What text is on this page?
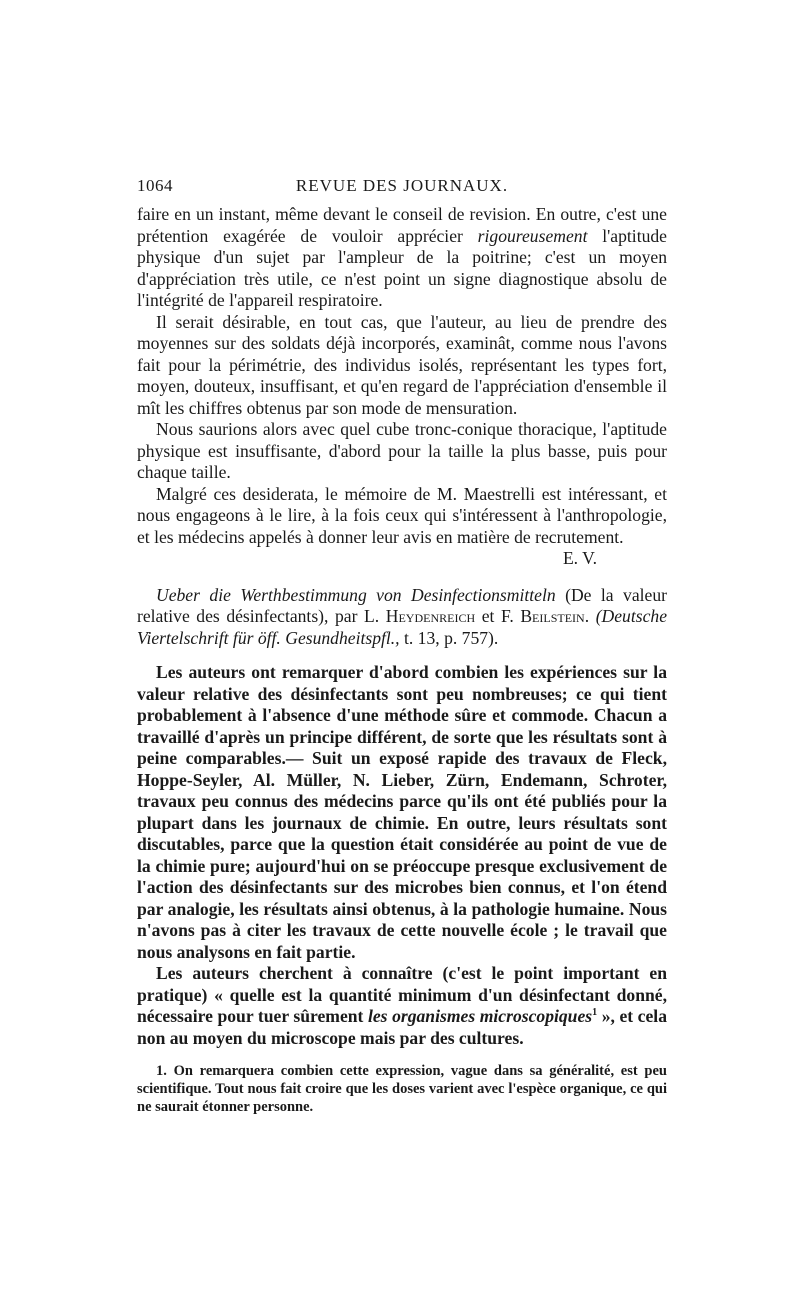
1064	REVUE DES JOURNAUX.

faire en un instant, même devant le conseil de revision. En outre, c'est une prétention exagérée de vouloir apprécier rigoureusement l'aptitude physique d'un sujet par l'ampleur de la poitrine; c'est un moyen d'appréciation très utile, ce n'est point un signe diagnostique absolu de l'intégrité de l'appareil respiratoire.

Il serait désirable, en tout cas, que l'auteur, au lieu de prendre des moyennes sur des soldats déjà incorporés, examinât, comme nous l'avons fait pour la périmétrie, des individus isolés, représentant les types fort, moyen, douteux, insuffisant, et qu'en regard de l'appréciation d'ensemble il mît les chiffres obtenus par son mode de mensuration.

Nous saurions alors avec quel cube tronc-conique thoracique, l'aptitude physique est insuffisante, d'abord pour la taille la plus basse, puis pour chaque taille.

Malgré ces desiderata, le mémoire de M. Maestrelli est intéressant, et nous engageons à le lire, à la fois ceux qui s'intéressent à l'anthropologie, et les médecins appelés à donner leur avis en matière de recrutement.

E. V.

Ueber die Werthbestimmung von Desinfectionsmitteln (De la valeur relative des désinfectants), par L. Heydenreich et F. Beilstein. (Deutsche Viertelschrift für öff. Gesundheitspfl., t. 13, p. 757).

Les auteurs ont remarquer d'abord combien les expériences sur la valeur relative des désinfectants sont peu nombreuses; ce qui tient probablement à l'absence d'une méthode sûre et commode. Chacun a travaillé d'après un principe différent, de sorte que les résultats sont à peine comparables.— Suit un exposé rapide des travaux de Fleck, Hoppe-Seyler, Al. Müller, N. Lieber, Zürn, Endemann, Schroter, travaux peu connus des médecins parce qu'ils ont été publiés pour la plupart dans les journaux de chimie. En outre, leurs résultats sont discutables, parce que la question était considérée au point de vue de la chimie pure; aujourd'hui on se préoccupe presque exclusivement de l'action des désinfectants sur des microbes bien connus, et l'on étend par analogie, les résultats ainsi obtenus, à la pathologie humaine. Nous n'avons pas à citer les travaux de cette nouvelle école ; le travail que nous analysons en fait partie.

Les auteurs cherchent à connaître (c'est le point important en pratique) « quelle est la quantité minimum d'un désinfectant donné, nécessaire pour tuer sûrement les organismes microscopiques$^1$ », et cela non au moyen du microscope mais par des cultures.

1. On remarquera combien cette expression, vague dans sa généralité, est peu scientifique. Tout nous fait croire que les doses varient avec l'espèce organique, ce qui ne saurait étonner personne.
